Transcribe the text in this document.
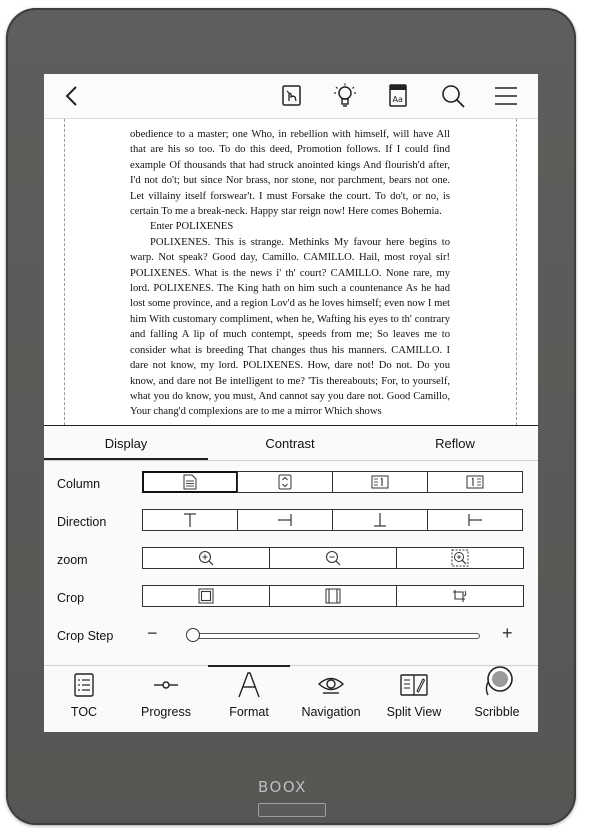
Aa

obedience to a master; one Who, in rebellion with himself, will have All that are his so too. To do this deed, Promotion follows. If I could find example Of thousands that had struck anointed kings And flourish'd after, I'd not do't; but since Nor brass, nor stone, nor parchment, bears not one. Let villainy itself forswear't. I must Forsake the court. To do't, or no, is certain To me a break-neck. Happy star reign now! Here comes Bohemia.

Enter POLIXENES

POLIXENES. This is strange. Methinks My favour here begins to warp. Not speak? Good day, Camillo. CAMILLO. Hail, most royal sir! POLIXENES. What is the news i' th' court? CAMILLO. None rare, my lord. POLIXENES. The King hath on him such a countenance As he had lost some province, and a region Lov'd as he loves himself; even now I met him With customary compliment, when he, Wafting his eyes to th' contrary and falling A lip of much contempt, speeds from me; So leaves me to consider what is breeding That changes thus his manners. CAMILLO. I dare not know, my lord. POLIXENES. How, dare not! Do not. Do you know, and dare not Be intelligent to me? 'Tis thereabouts; For, to yourself, what you do know, you must, And cannot say you dare not. Good Camillo, Your chang'd complexions are to me a mirror Which shows

Display	Contrast	Reflow
Column
Direction
zoom
Crop
Crop Step −	+
TOC	Progress	Format	Navigation	Split View	Scribble
BOOX
